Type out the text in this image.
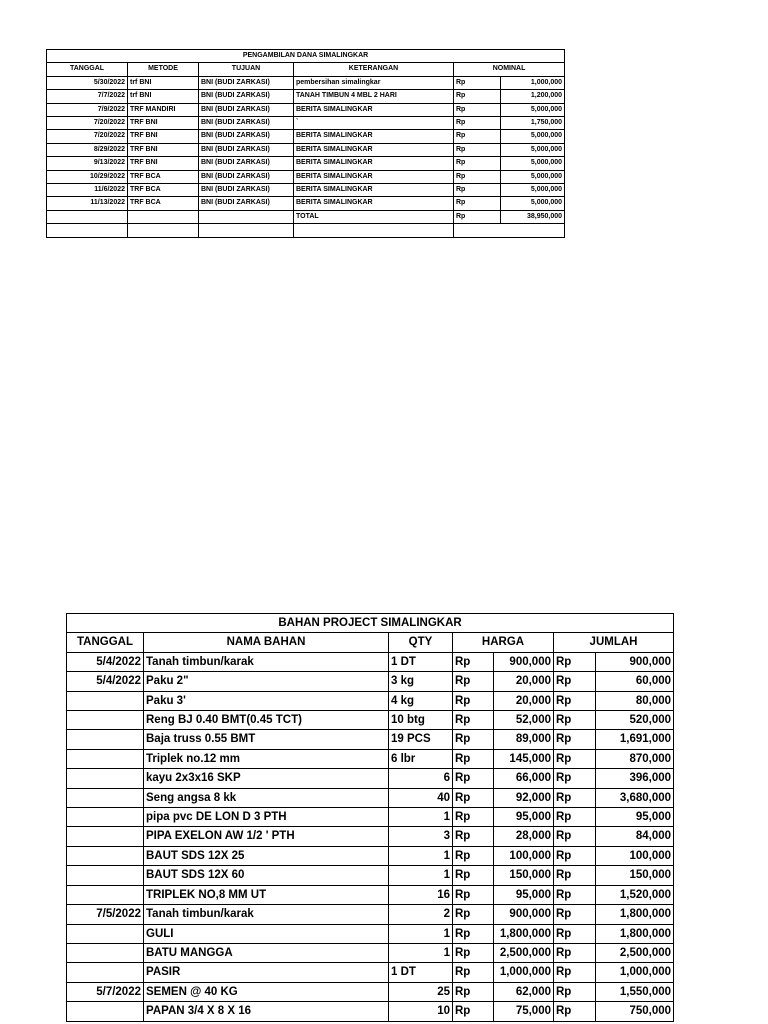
PENGAMBILAN DANA SIMALINGKAR					
TANGGAL	METODE	TUJUAN	KETERANGAN	NOMINAL	
5/30/2022	trf BNI	BNI (BUDI ZARKASI)	pembersihan simalingkar	Rp	1,000,000
7/7/2022	trf BNI	BNI (BUDI ZARKASI)	TANAH TIMBUN 4 MBL 2 HARI	Rp	1,200,000
7/9/2022	TRF MANDIRI	BNI (BUDI ZARKASI)	BERITA SIMALINGKAR	Rp	5,000,000
7/20/2022	TRF BNI	BNI (BUDI ZARKASI)	`	Rp	1,750,000
7/20/2022	TRF BNI	BNI (BUDI ZARKASI)	BERITA SIMALINGKAR	Rp	5,000,000
8/29/2022	TRF BNI	BNI (BUDI ZARKASI)	BERITA SIMALINGKAR	Rp	5,000,000
9/13/2022	TRF BNI	BNI (BUDI ZARKASI)	BERITA SIMALINGKAR	Rp	5,000,000
10/29/2022	TRF BCA	BNI (BUDI ZARKASI)	BERITA SIMALINGKAR	Rp	5,000,000
11/6/2022	TRF BCA	BNI (BUDI ZARKASI)	BERITA SIMALINGKAR	Rp	5,000,000
11/13/2022	TRF BCA	BNI (BUDI ZARKASI)	BERITA SIMALINGKAR	Rp	5,000,000
			TOTAL	Rp	38,950,000

BAHAN PROJECT SIMALINGKAR						
TANGGAL	NAMA BAHAN	QTY	HARGA		JUMLAH	
5/4/2022	Tanah timbun/karak	1 DT	Rp	900,000	Rp	900,000
5/4/2022	Paku 2"	3 kg	Rp	20,000	Rp	60,000
	Paku 3'	4 kg	Rp	20,000	Rp	80,000
	Reng BJ 0.40 BMT(0.45 TCT)	10 btg	Rp	52,000	Rp	520,000
	Baja truss 0.55 BMT	19 PCS	Rp	89,000	Rp	1,691,000
	Triplek no.12 mm	6 lbr	Rp	145,000	Rp	870,000
	kayu 2x3x16 SKP	6	Rp	66,000	Rp	396,000
	Seng angsa 8 kk	40	Rp	92,000	Rp	3,680,000
	pipa pvc DE LON D 3 PTH	1	Rp	95,000	Rp	95,000
	PIPA EXELON AW 1/2 ' PTH	3	Rp	28,000	Rp	84,000
	BAUT SDS 12X 25	1	Rp	100,000	Rp	100,000
	BAUT SDS 12X 60	1	Rp	150,000	Rp	150,000
	TRIPLEK NO,8 MM UT	16	Rp	95,000	Rp	1,520,000
7/5/2022	Tanah timbun/karak	2	Rp	900,000	Rp	1,800,000
	GULI	1	Rp	1,800,000	Rp	1,800,000
	BATU MANGGA	1	Rp	2,500,000	Rp	2,500,000
	PASIR	1 DT	Rp	1,000,000	Rp	1,000,000
5/7/2022	SEMEN @ 40 KG	25	Rp	62,000	Rp	1,550,000
	PAPAN 3/4 X 8 X 16	10	Rp	75,000	Rp	750,000
